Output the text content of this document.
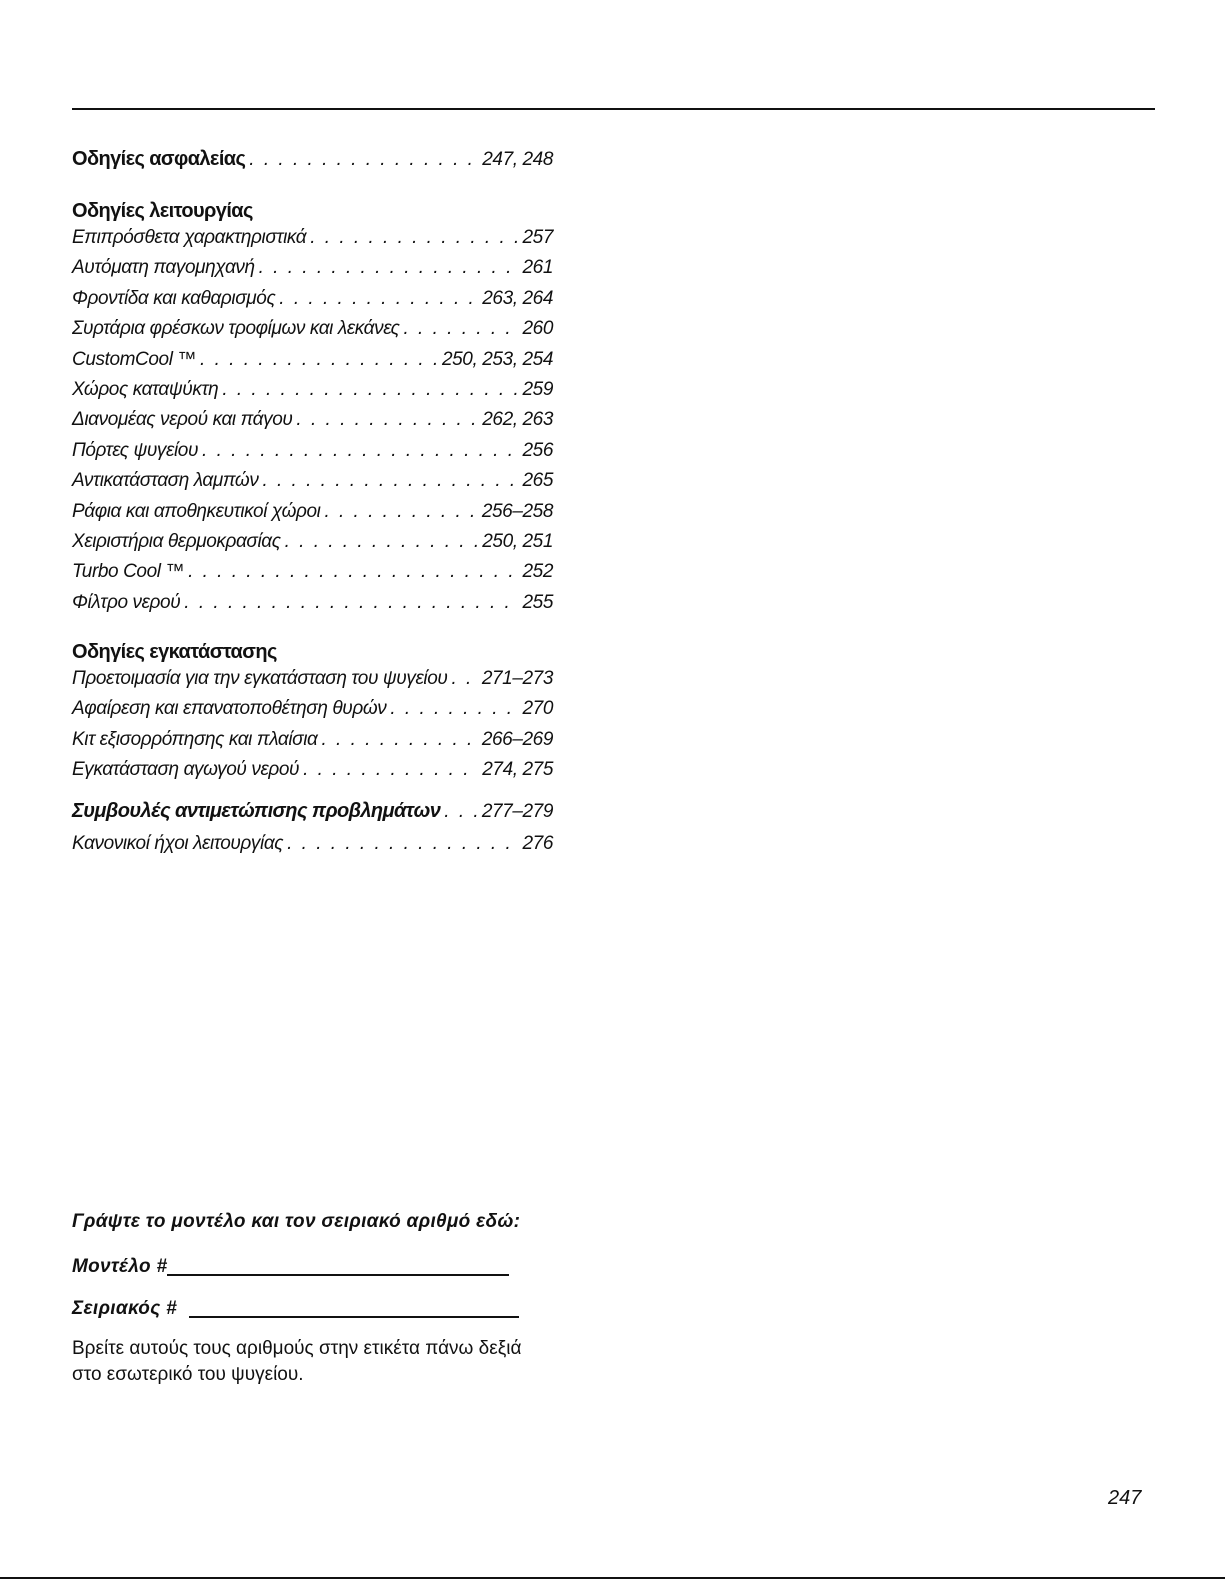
Οδηγίες ασφαλείας . . .	247, 248
Οδηγίες λειτουργίας
Επιπρόσθετα χαρακτηριστικά . . .	257
Αυτόματη παγομηχανή . . .	261
Φροντίδα και καθαρισμός . . .	263, 264
Συρτάρια φρέσκων τροφίμων και λεκάνες . . .	260
CustomCool ™ . . .	250, 253, 254
Χώρος καταψύκτη . . .	259
Διανομέας νερού και πάγου . . .	262, 263
Πόρτες ψυγείου . . .	256
Αντικατάσταση λαμπών . . .	265
Ράφια και αποθηκευτικοί χώροι . . .	256–258
Χειριστήρια θερμοκρασίας . . .	250, 251
Turbo Cool ™ . . .	252
Φίλτρο νερού . . .	255
Οδηγίες εγκατάστασης
Προετοιμασία για την εγκατάσταση του ψυγείου . . . 271–273
Αφαίρεση και επανατοποθέτηση θυρών . . .	270
Κιτ εξισορρόπησης και πλαίσια . . .	266–269
Εγκατάσταση αγωγού νερού . . .	274, 275
Συμβουλές αντιμετώπισης προβλημάτων . . . 277–279
Κανονικοί ήχοι λειτουργίας . . .	276
Γράψτε το μοντέλο και τον σειριακό αριθμό εδώ:
Μοντέλο #
Σειριακός #
Βρείτε αυτούς τους αριθμούς στην ετικέτα πάνω δεξιά στο εσωτερικό του ψυγείου.
247
